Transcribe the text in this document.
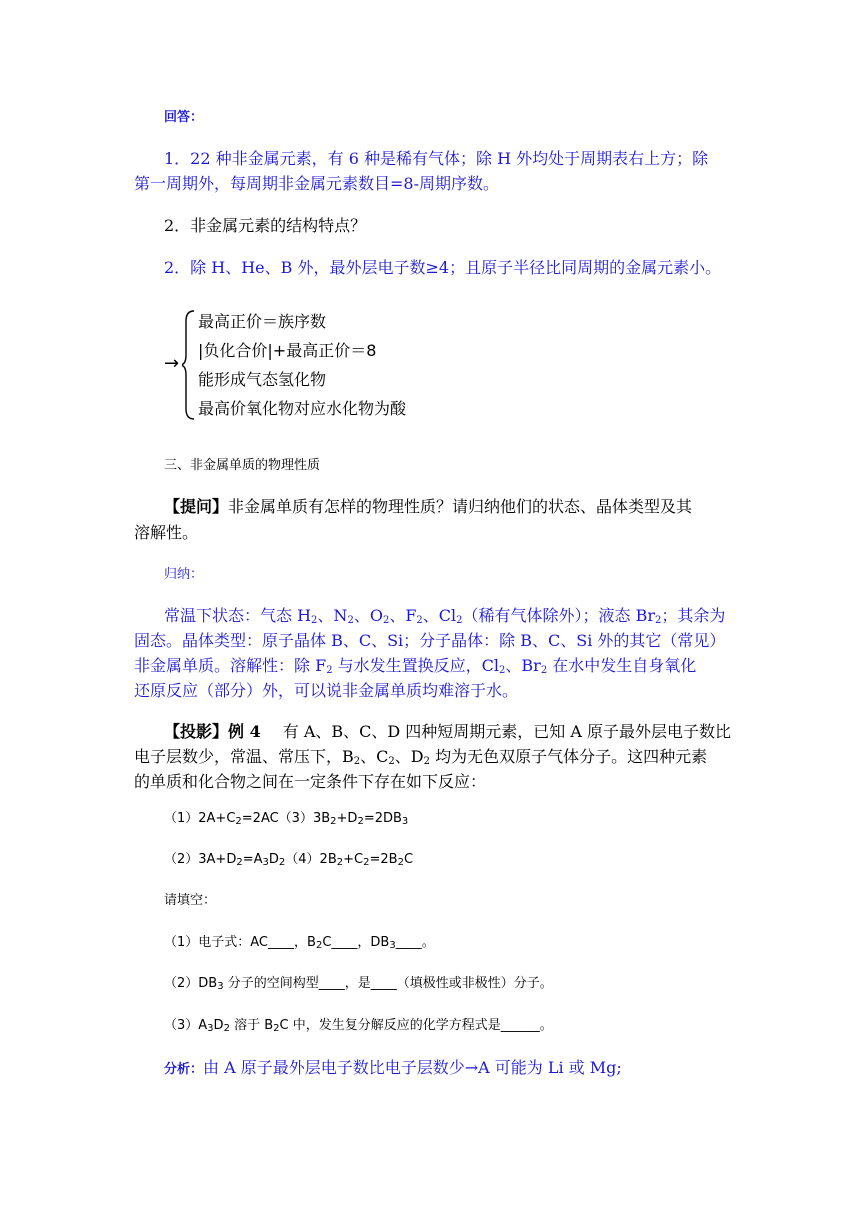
回答：

1．22 种非金属元素，有 6 种是稀有气体；除 H 外均处于周期表右上方；除

第一周期外，每周期非金属元素数目=8-周期序数。

2．非金属元素的结构特点？

2．除 H、He、B 外，最外层电子数≥4；且原子半径比同周期的金属元素小。

→
最高正价＝族序数
|负化合价|+最高正价＝8
能形成气态氢化物
最高价氧化物对应水化物为酸

三、非金属单质的物理性质

【提问】非金属单质有怎样的物理性质？请归纳他们的状态、晶体类型及其

溶解性。

归纳：

常温下状态：气态 $H_2$、$N_2$、$O_2$、$F_2$、$Cl_2$（稀有气体除外）；液态 $Br_2$；其余为

固态。晶体类型：原子晶体 B、C、Si；分子晶体：除 B、C、Si 外的其它（常见）

非金属单质。溶解性：除 $F_2$ 与水发生置换反应，$Cl_2$、$Br_2$ 在水中发生自身氧化

还原反应（部分）外，可以说非金属单质均难溶于水。

【投影】例 4 有 A、B、C、D 四种短周期元素，已知 A 原子最外层电子数比

电子层数少，常温、常压下，$B_2$、$C_2$、$D_2$ 均为无色双原子气体分子。这四种元素

的单质和化合物之间在一定条件下存在如下反应：

$(1)2A+C_2=2AC(3)3B_2+D_2=2DB_3$

$(2)3A+D_2=A_3D_2(4)2B_2+C_2=2B_2C$

请填空：

（1）电子式：AC____，$B_2C\_\_\_\_$，$DB_3\_\_\_\_$。

$(2)DB_3$ 分子的空间构型____，是____（填极性或非极性）分子。

$(3)A_3D_2$ 溶于 $B_2C$ 中，发生复分解反应的化学方程式是______。

分析：由 A 原子最外层电子数比电子层数少→A 可能为 Li 或 Mg;
